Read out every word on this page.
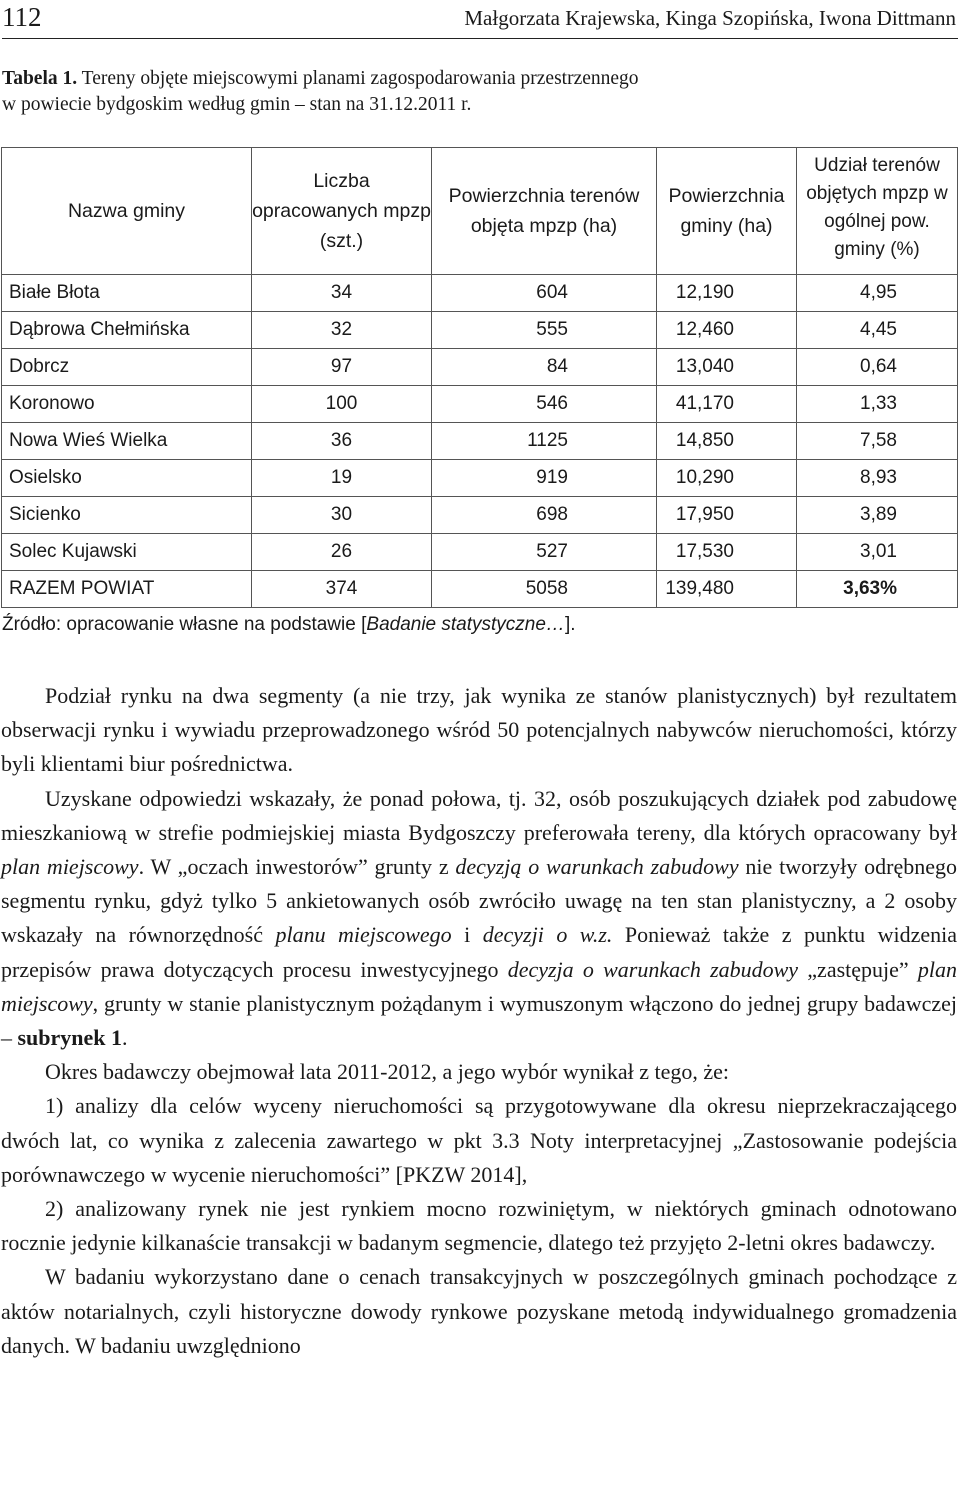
112	Małgorzata Krajewska, Kinga Szopińska, Iwona Dittmann
Tabela 1. Tereny objęte miejscowymi planami zagospodarowania przestrzennego
w powiecie bydgoskim według gmin – stan na 31.12.2011 r.
Nazwa gminy	Liczba opracowanych mpzp (szt.)	Powierzchnia terenów objęta mpzp (ha)	Powierzchnia gminy (ha)	Udział terenów objętych mpzp w ogólnej pow. gminy (%)
Białe Błota	34	604	12,190	4,95
Dąbrowa Chełmińska	32	555	12,460	4,45
Dobrcz	97	84	13,040	0,64
Koronowo	100	546	41,170	1,33
Nowa Wieś Wielka	36	1125	14,850	7,58
Osielsko	19	919	10,290	8,93
Sicienko	30	698	17,950	3,89
Solec Kujawski	26	527	17,530	3,01
RAZEM POWIAT	374	5058	139,480	3,63%
Źródło: opracowanie własne na podstawie [Badanie statystyczne…].

Podział rynku na dwa segmenty (a nie trzy, jak wynika ze stanów planistycznych) był rezultatem obserwacji rynku i wywiadu przeprowadzonego wśród 50 potencjalnych nabywców nieruchomości, którzy byli klientami biur pośrednictwa.

Uzyskane odpowiedzi wskazały, że ponad połowa, tj. 32, osób poszukujących działek pod zabudowę mieszkaniową w strefie podmiejskiej miasta Bydgoszczy preferowała tereny, dla których opracowany był plan miejscowy. W „oczach inwestorów” grunty z decyzją o warunkach zabudowy nie tworzyły odrębnego segmentu rynku, gdyż tylko 5 ankietowanych osób zwróciło uwagę na ten stan planistyczny, a 2 osoby wskazały na równorzędność planu miejscowego i decyzji o w.z. Ponieważ także z punktu widzenia przepisów prawa dotyczących procesu inwestycyjnego decyzja o warunkach zabudowy „zastępuje” plan miejscowy, grunty w stanie planistycznym pożądanym i wymuszonym włączono do jednej grupy badawczej – subrynek 1.

Okres badawczy obejmował lata 2011-2012, a jego wybór wynikał z tego, że:

1) analizy dla celów wyceny nieruchomości są przygotowywane dla okresu nieprzekraczającego dwóch lat, co wynika z zalecenia zawartego w pkt 3.3 Noty interpretacyjnej „Zastosowanie podejścia porównawczego w wycenie nieruchomości” [PKZW 2014],

2) analizowany rynek nie jest rynkiem mocno rozwiniętym, w niektórych gminach odnotowano rocznie jedynie kilkanaście transakcji w badanym segmencie, dlatego też przyjęto 2-letni okres badawczy.

W badaniu wykorzystano dane o cenach transakcyjnych w poszczególnych gminach pochodzące z aktów notarialnych, czyli historyczne dowody rynkowe pozyskane metodą indywidualnego gromadzenia danych. W badaniu uwzględniono
